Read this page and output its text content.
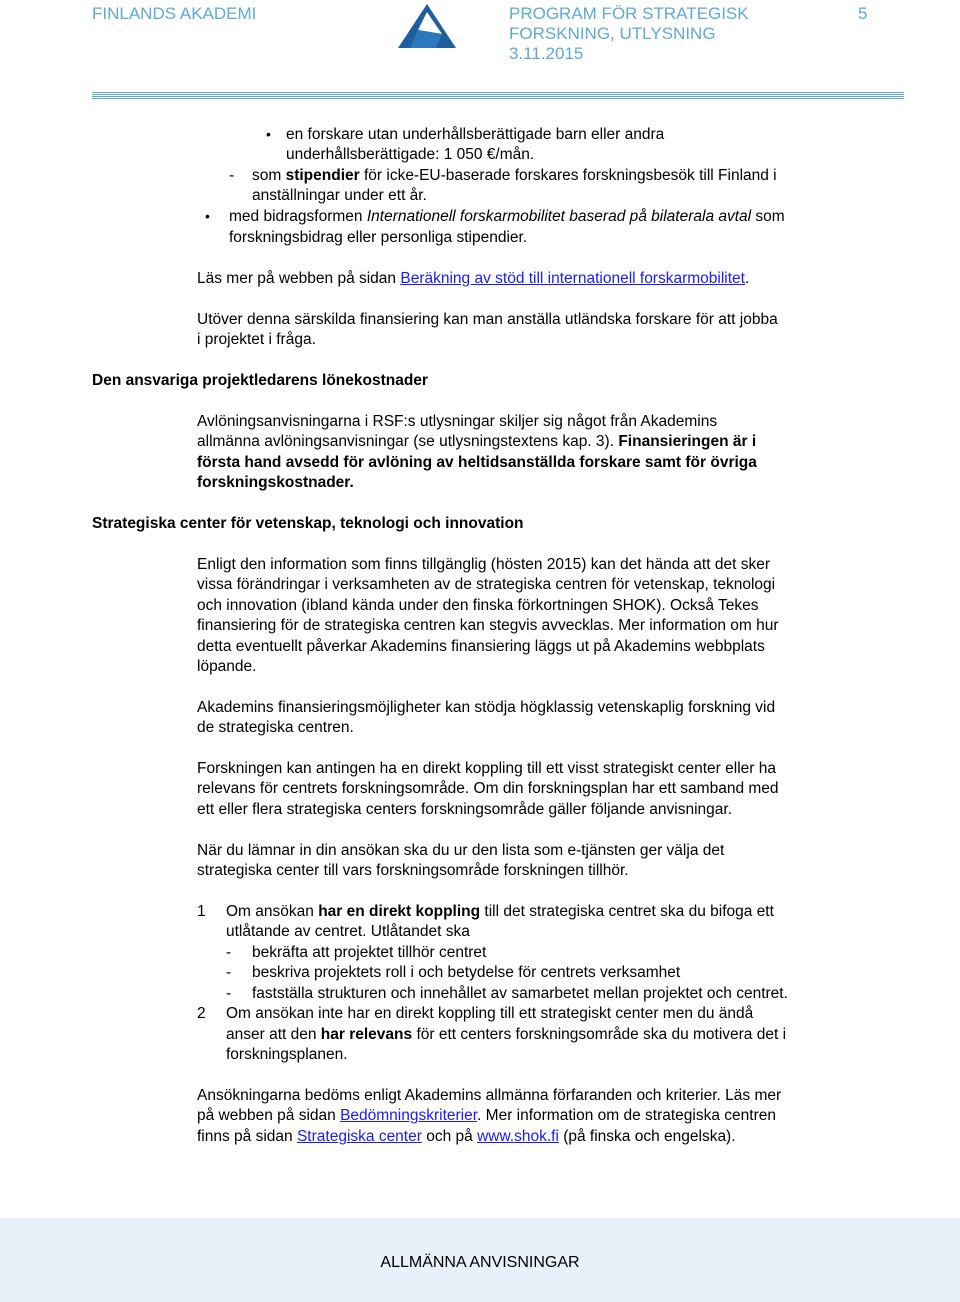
FINLANDS AKADEMI	PROGRAM FÖR STRATEGISK
FORSKNING, UTLYSNING
3.11.2015
5
• en forskare utan underhållsberättigade barn eller andra

underhållsberättigade: 1 050 €/mån.

- som stipendier för icke-EU-baserade forskares forskningsbesök till Finland i

anställningar under ett år.

• med bidragsformen Internationell forskarmobilitet baserad på bilaterala avtal som

forskningsbidrag eller personliga stipendier.

Läs mer på webben på sidan Beräkning av stöd till internationell forskarmobilitet.

Utöver denna särskilda finansiering kan man anställa utländska forskare för att jobba

i projektet i fråga.

Den ansvariga projektledarens lönekostnader

Avlöningsanvisningarna i RSF:s utlysningar skiljer sig något från Akademins

allmänna avlöningsanvisningar (se utlysningstextens kap. 3). Finansieringen är i

första hand avsedd för avlöning av heltidsanställda forskare samt för övriga

forskningskostnader.

Strategiska center för vetenskap, teknologi och innovation

Enligt den information som finns tillgänglig (hösten 2015) kan det hända att det sker

vissa förändringar i verksamheten av de strategiska centren för vetenskap, teknologi

och innovation (ibland kända under den finska förkortningen SHOK). Också Tekes

finansiering för de strategiska centren kan stegvis avvecklas. Mer information om hur

detta eventuellt påverkar Akademins finansiering läggs ut på Akademins webbplats

löpande.

Akademins finansieringsmöjligheter kan stödja högklassig vetenskaplig forskning vid

de strategiska centren.

Forskningen kan antingen ha en direkt koppling till ett visst strategiskt center eller ha

relevans för centrets forskningsområde. Om din forskningsplan har ett samband med

ett eller flera strategiska centers forskningsområde gäller följande anvisningar.

När du lämnar in din ansökan ska du ur den lista som e-tjänsten ger välja det

strategiska center till vars forskningsområde forskningen tillhör.

1 Om ansökan har en direkt koppling till det strategiska centret ska du bifoga ett

utlåtande av centret. Utlåtandet ska

- bekräfta att projektet tillhör centret

- beskriva projektets roll i och betydelse för centrets verksamhet

- fastställa strukturen och innehållet av samarbetet mellan projektet och centret.

2 Om ansökan inte har en direkt koppling till ett strategiskt center men du ändå

anser att den har relevans för ett centers forskningsområde ska du motivera det i

forskningsplanen.

Ansökningarna bedöms enligt Akademins allmänna förfaranden och kriterier. Läs mer

på webben på sidan Bedömningskriterier. Mer information om de strategiska centren

finns på sidan Strategiska center och på www.shok.fi (på finska och engelska).

ALLMÄNNA ANVISNINGAR
